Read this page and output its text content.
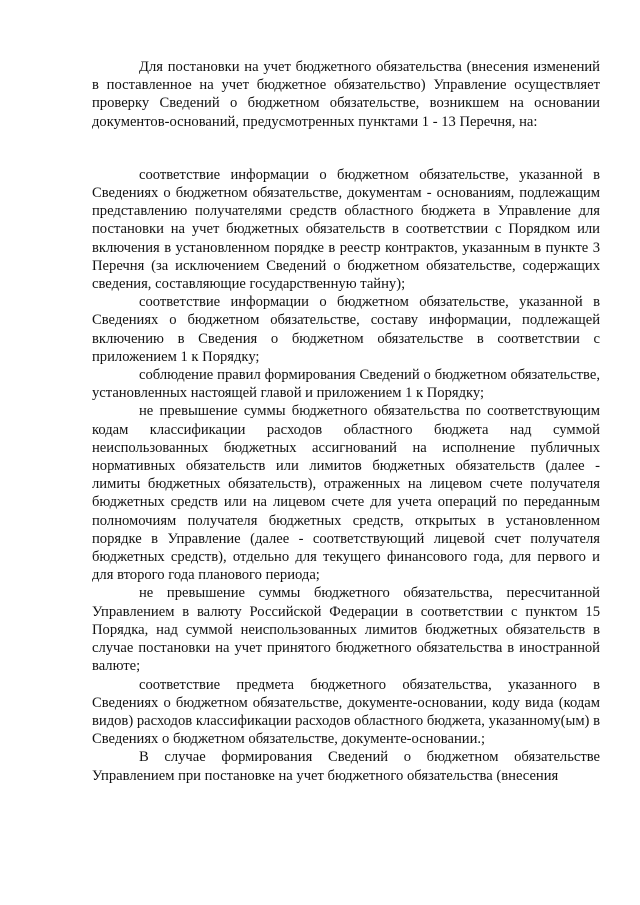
Для постановки на учет бюджетного обязательства (внесения изменений в поставленное на учет бюджетное обязательство) Управление осуществляет проверку Сведений о бюджетном обязательстве, возникшем на основании документов-оснований, предусмотренных пунктами 1 - 13 Перечня, на:

соответствие информации о бюджетном обязательстве, указанной в Сведениях о бюджетном обязательстве, документам - основаниям, подлежащим представлению получателями средств областного бюджета в Управление для постановки на учет бюджетных обязательств в соответствии с Порядком или включения в установленном порядке в реестр контрактов, указанным в пункте 3 Перечня (за исключением Сведений о бюджетном обязательстве, содержащих сведения, составляющие государственную тайну);

соответствие информации о бюджетном обязательстве, указанной в Сведениях о бюджетном обязательстве, составу информации, подлежащей включению в Сведения о бюджетном обязательстве в соответствии с приложением 1 к Порядку;

соблюдение правил формирования Сведений о бюджетном обязательстве, установленных настоящей главой и приложением 1 к Порядку;

не превышение суммы бюджетного обязательства по соответствующим кодам классификации расходов областного бюджета над суммой неиспользованных бюджетных ассигнований на исполнение публичных нормативных обязательств или лимитов бюджетных обязательств (далее - лимиты бюджетных обязательств), отраженных на лицевом счете получателя бюджетных средств или на лицевом счете для учета операций по переданным полномочиям получателя бюджетных средств, открытых в установленном порядке в Управление (далее - соответствующий лицевой счет получателя бюджетных средств), отдельно для текущего финансового года, для первого и для второго года планового периода;

не превышение суммы бюджетного обязательства, пересчитанной Управлением в валюту Российской Федерации в соответствии с пунктом 15 Порядка, над суммой неиспользованных лимитов бюджетных обязательств в случае постановки на учет принятого бюджетного обязательства в иностранной валюте;

соответствие предмета бюджетного обязательства, указанного в Сведениях о бюджетном обязательстве, документе-основании, коду вида (кодам видов) расходов классификации расходов областного бюджета, указанному(ым) в Сведениях о бюджетном обязательстве, документе-основании.;

В случае формирования Сведений о бюджетном обязательстве Управлением при постановке на учет бюджетного обязательства (внесения
